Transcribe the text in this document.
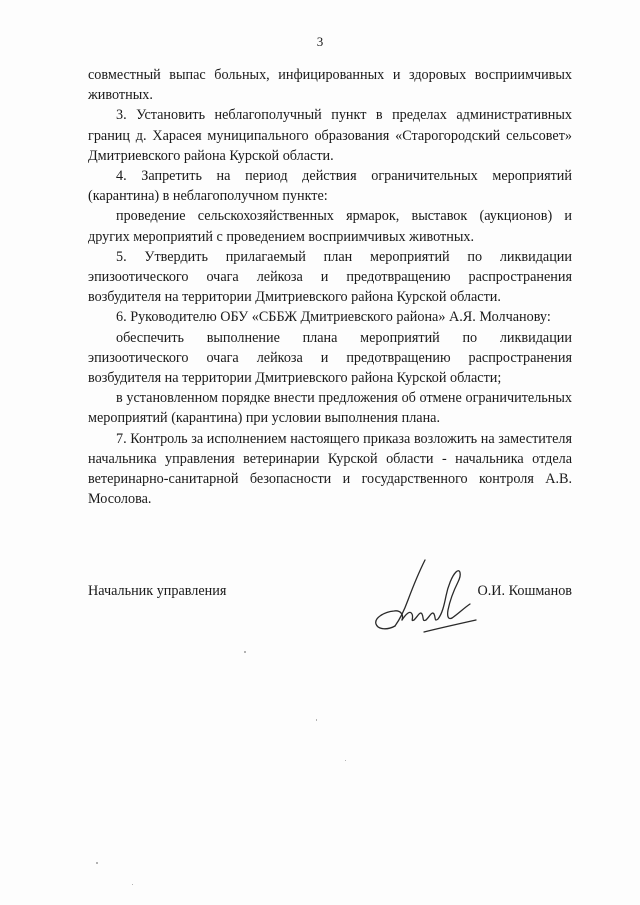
3

совместный выпас больных, инфицированных и здоровых восприимчивых животных.

3. Установить неблагополучный пункт в пределах административных границ д. Харасея муниципального образования «Старогородский сельсовет» Дмитриевского района Курской области.

4. Запретить на период действия ограничительных мероприятий (карантина) в неблагополучном пункте:

проведение сельскохозяйственных ярмарок, выставок (аукционов) и других мероприятий с проведением восприимчивых животных.

5. Утвердить прилагаемый план мероприятий по ликвидации эпизоотического очага лейкоза и предотвращению распространения возбудителя на территории Дмитриевского района Курской области.

6. Руководителю ОБУ «СББЖ Дмитриевского района» А.Я. Молчанову:

обеспечить выполнение плана мероприятий по ликвидации эпизоотического очага лейкоза и предотвращению распространения возбудителя на территории Дмитриевского района Курской области;

в установленном порядке внести предложения об отмене ограничительных мероприятий (карантина) при условии выполнения плана.

7. Контроль за исполнением настоящего приказа возложить на заместителя начальника управления ветеринарии Курской области - начальника отдела ветеринарно-санитарной безопасности и государственного контроля А.В. Мосолова.

Начальник управления	О.И. Кошманов
